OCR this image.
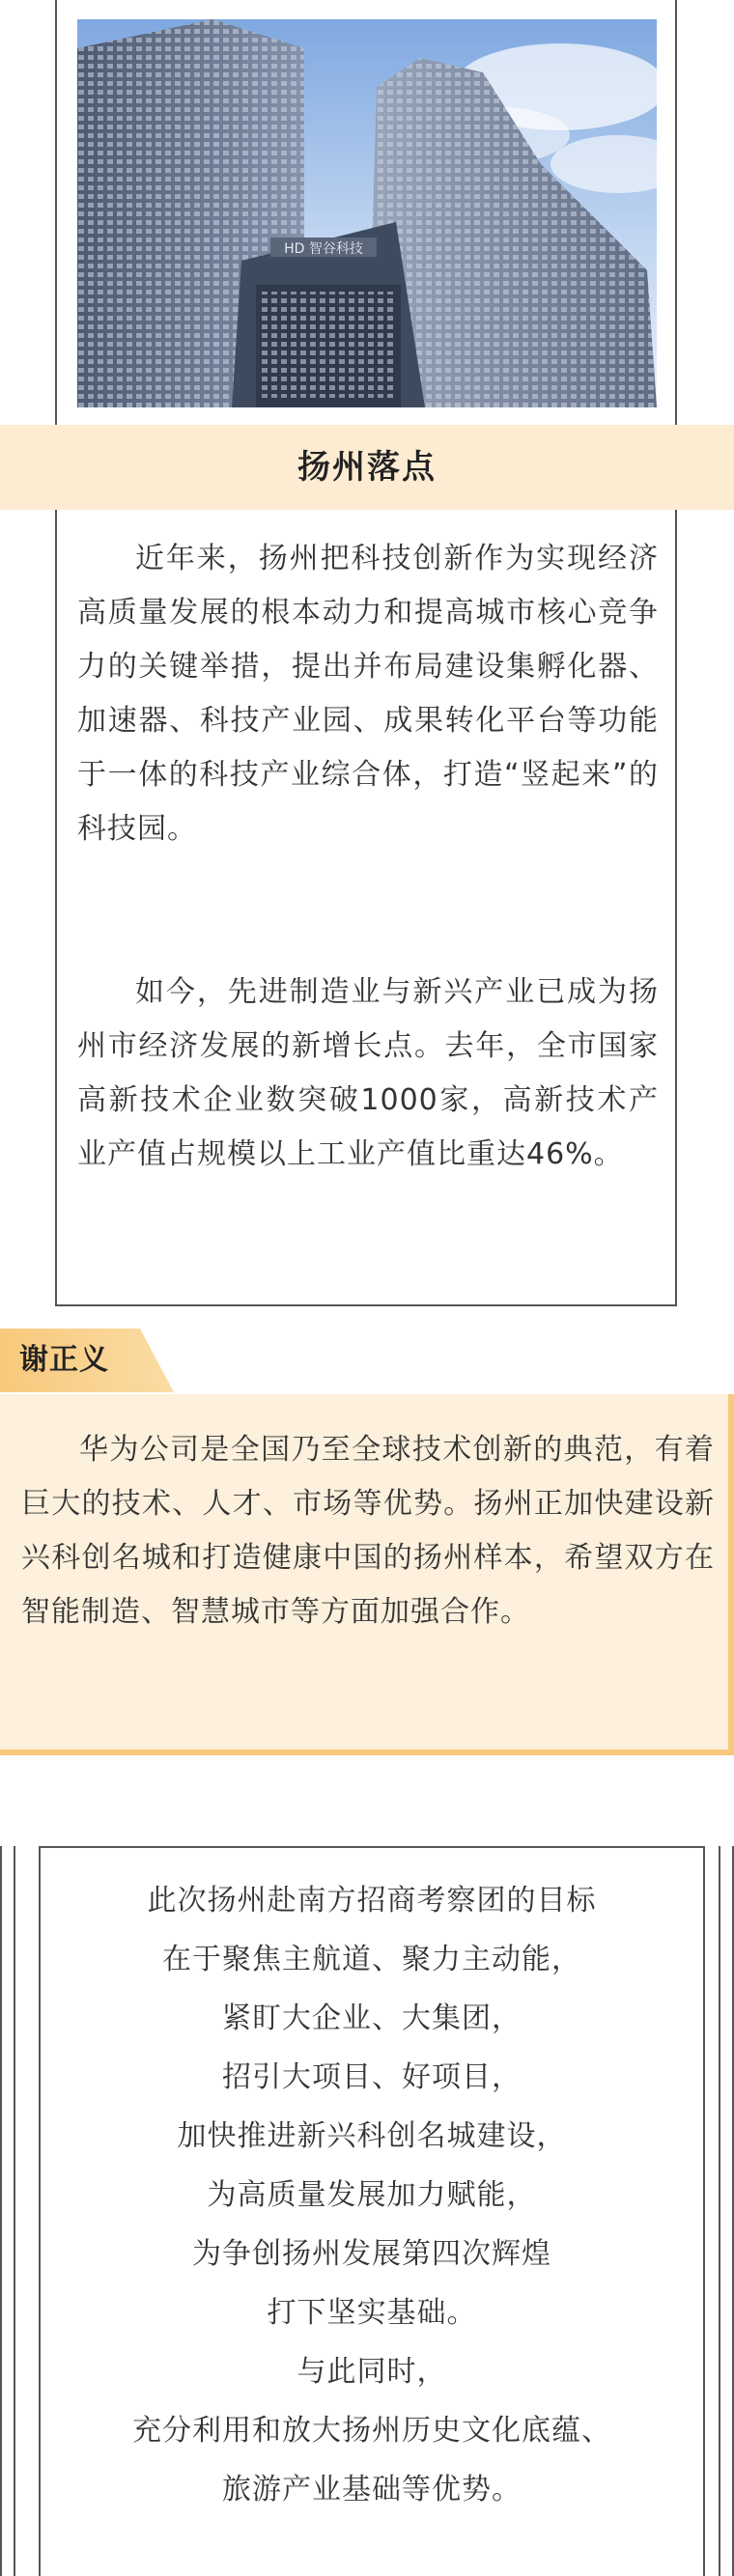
HD 智谷科技
扬州落点

近年来，扬州把科技创新作为实现经济高质量发展的根本动力和提高城市核心竞争力的关键举措，提出并布局建设集孵化器、加速器、科技产业园、成果转化平台等功能于一体的科技产业综合体，打造“竖起来”的科技园。

如今，先进制造业与新兴产业已成为扬州市经济发展的新增长点。去年，全市国家高新技术企业数突破1000家，高新技术产业产值占规模以上工业产值比重达46%。

谢正义

华为公司是全国乃至全球技术创新的典范，有着巨大的技术、人才、市场等优势。扬州正加快建设新兴科创名城和打造健康中国的扬州样本，希望双方在智能制造、智慧城市等方面加强合作。

此次扬州赴南方招商考察团的目标
在于聚焦主航道、聚力主动能，
紧盯大企业、大集团，
招引大项目、好项目，
加快推进新兴科创名城建设，
为高质量发展加力赋能，
为争创扬州发展第四次辉煌
打下坚实基础。
与此同时，
充分利用和放大扬州历史文化底蕴、
旅游产业基础等优势。
